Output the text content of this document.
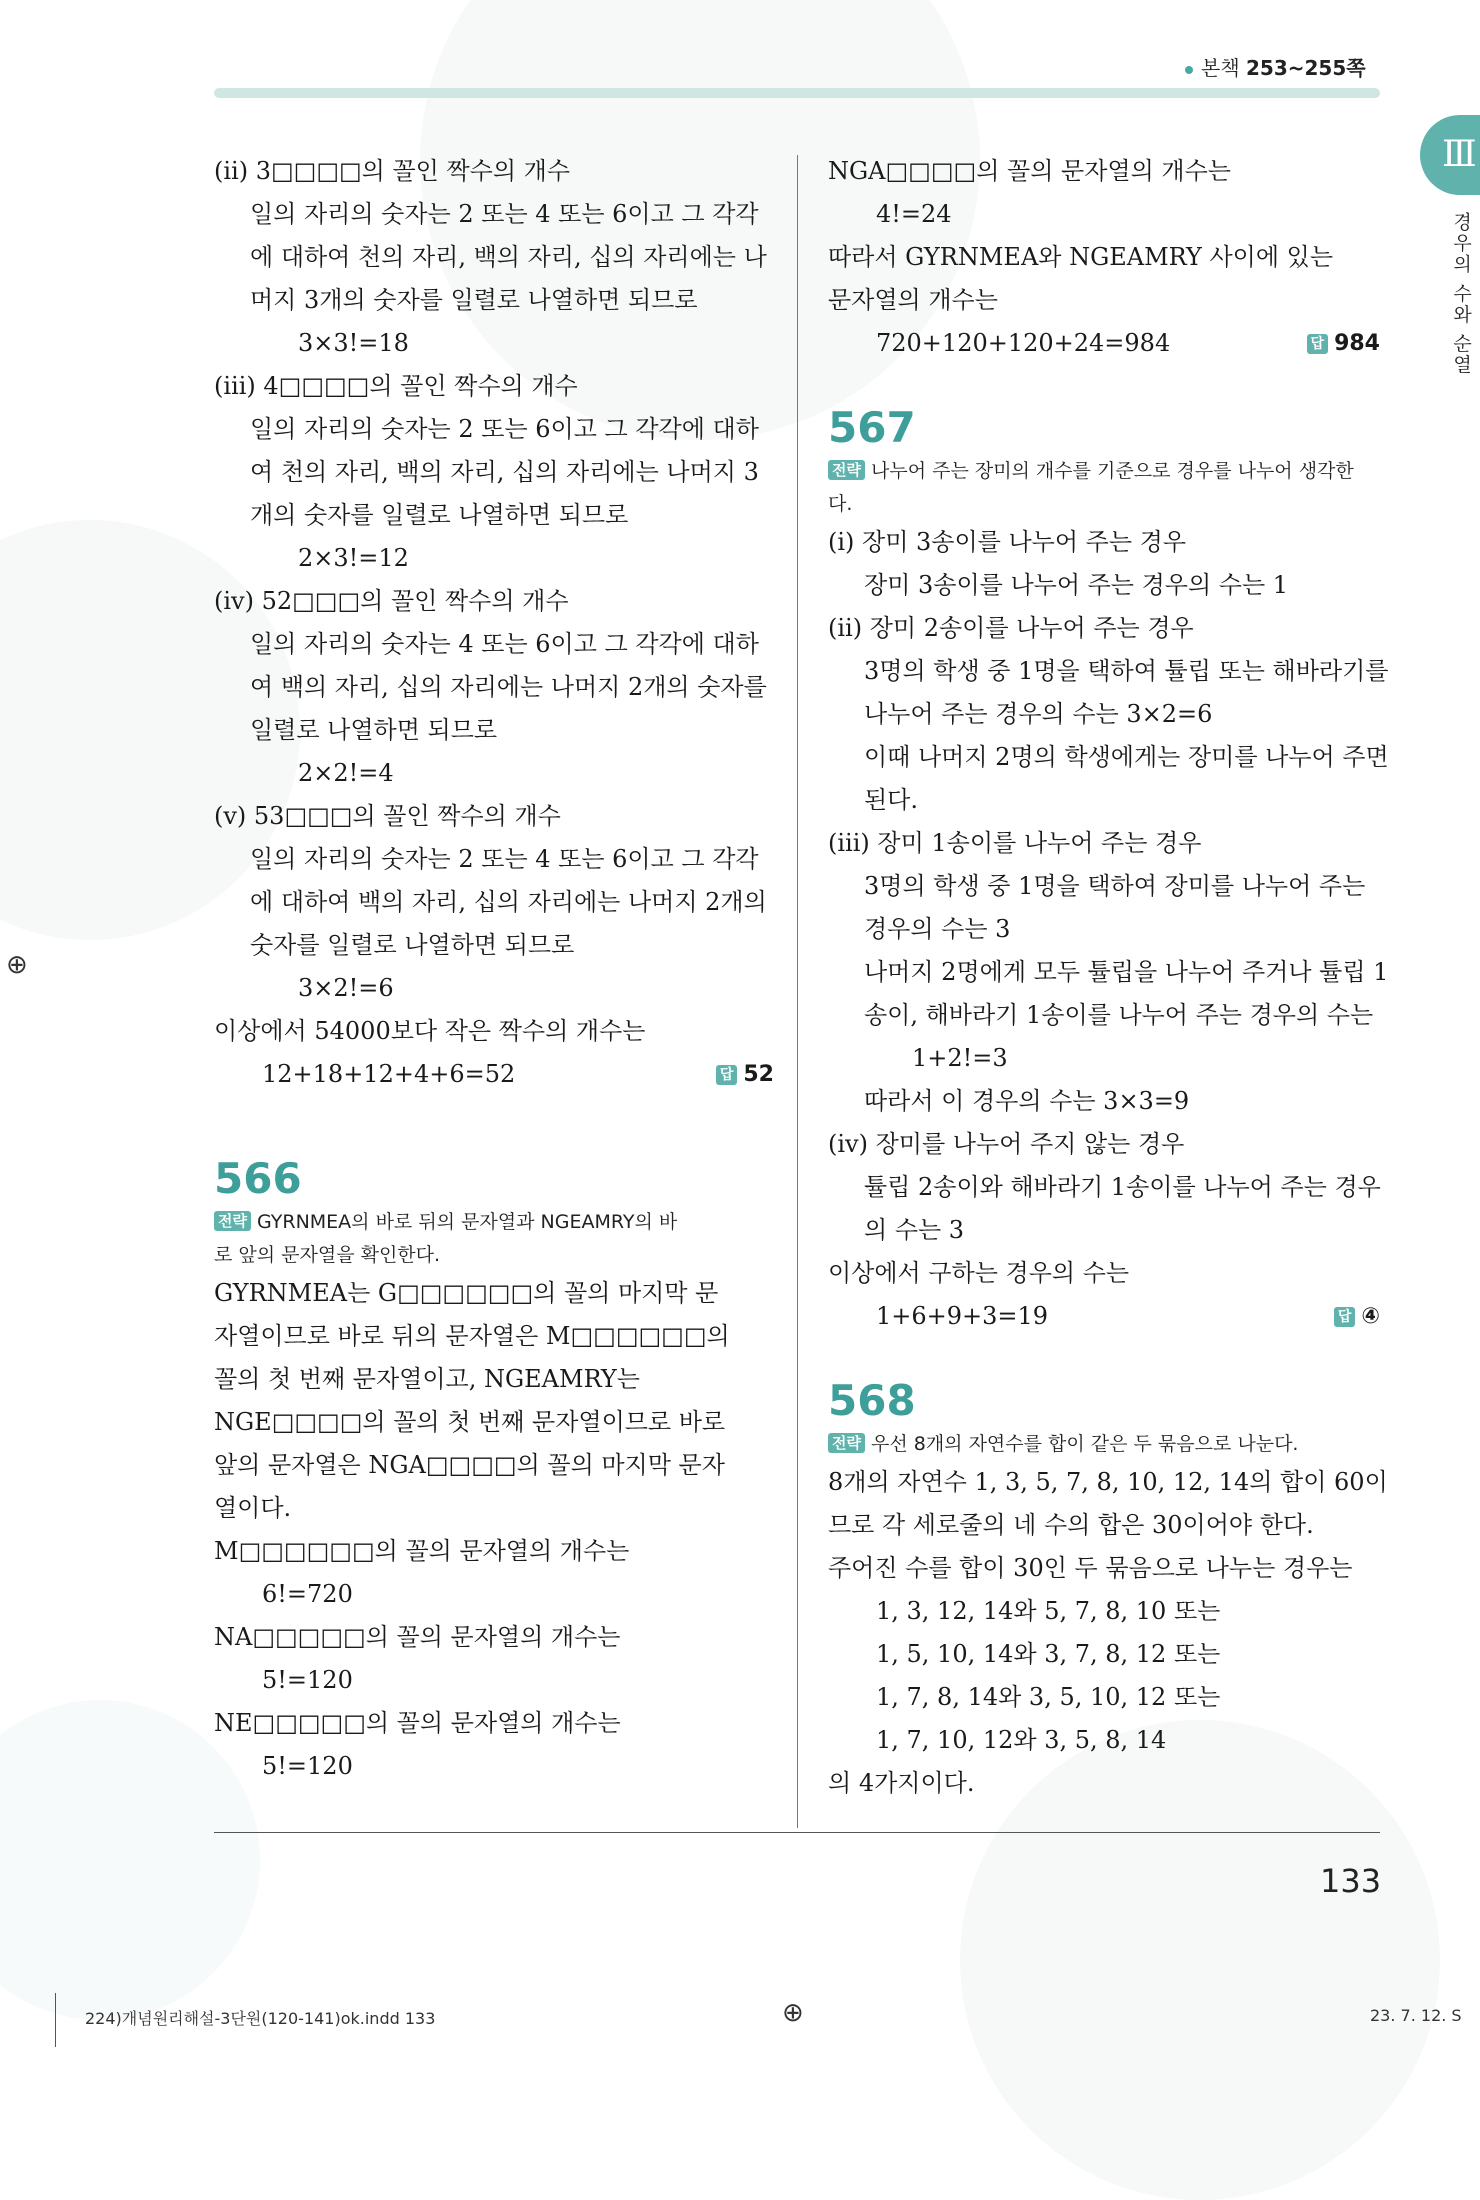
본책 253~255쪽
Ⅲ
경우의 수와 순열
(ⅱ) 3□□□□의 꼴인 짝수의 개수
일의 자리의 숫자는 2 또는 4 또는 6이고 그 각각
에 대하여 천의 자리, 백의 자리, 십의 자리에는 나
머지 3개의 숫자를 일렬로 나열하면 되므로
3×3!=18
(ⅲ) 4□□□□의 꼴인 짝수의 개수
일의 자리의 숫자는 2 또는 6이고 그 각각에 대하
여 천의 자리, 백의 자리, 십의 자리에는 나머지 3
개의 숫자를 일렬로 나열하면 되므로
2×3!=12
(ⅳ) 52□□□의 꼴인 짝수의 개수
일의 자리의 숫자는 4 또는 6이고 그 각각에 대하
여 백의 자리, 십의 자리에는 나머지 2개의 숫자를
일렬로 나열하면 되므로
2×2!=4
(ⅴ) 53□□□의 꼴인 짝수의 개수
일의 자리의 숫자는 2 또는 4 또는 6이고 그 각각
에 대하여 백의 자리, 십의 자리에는 나머지 2개의
숫자를 일렬로 나열하면 되므로
3×2!=6
이상에서 54000보다 작은 짝수의 개수는
12+18+12+4+6=52	답 52
566
전략 GYRNMEA의 바로 뒤의 문자열과 NGEAMRY의 바
로 앞의 문자열을 확인한다.
GYRNMEA는 G□□□□□□의 꼴의 마지막 문
자열이므로 바로 뒤의 문자열은 M□□□□□□의
꼴의 첫 번째 문자열이고, NGEAMRY는
NGE□□□□의 꼴의 첫 번째 문자열이므로 바로
앞의 문자열은 NGA□□□□의 꼴의 마지막 문자
열이다.
M□□□□□□의 꼴의 문자열의 개수는
6!=720
NA□□□□□의 꼴의 문자열의 개수는
5!=120
NE□□□□□의 꼴의 문자열의 개수는
5!=120
NGA□□□□의 꼴의 문자열의 개수는
4!=24
따라서 GYRNMEA와 NGEAMRY 사이에 있는
문자열의 개수는
720+120+120+24=984	답 984
567
전략 나누어 주는 장미의 개수를 기준으로 경우를 나누어 생각한
다.
(ⅰ) 장미 3송이를 나누어 주는 경우
장미 3송이를 나누어 주는 경우의 수는 1
(ⅱ) 장미 2송이를 나누어 주는 경우
3명의 학생 중 1명을 택하여 튤립 또는 해바라기를
나누어 주는 경우의 수는 3×2=6
이때 나머지 2명의 학생에게는 장미를 나누어 주면
된다.
(ⅲ) 장미 1송이를 나누어 주는 경우
3명의 학생 중 1명을 택하여 장미를 나누어 주는
경우의 수는 3
나머지 2명에게 모두 튤립을 나누어 주거나 튤립 1
송이, 해바라기 1송이를 나누어 주는 경우의 수는
1+2!=3
따라서 이 경우의 수는 3×3=9
(ⅳ) 장미를 나누어 주지 않는 경우
튤립 2송이와 해바라기 1송이를 나누어 주는 경우
의 수는 3
이상에서 구하는 경우의 수는
1+6+9+3=19	답 ④
568
전략 우선 8개의 자연수를 합이 같은 두 묶음으로 나눈다.
8개의 자연수 1, 3, 5, 7, 8, 10, 12, 14의 합이 60이
므로 각 세로줄의 네 수의 합은 30이어야 한다.
주어진 수를 합이 30인 두 묶음으로 나누는 경우는
1, 3, 12, 14와 5, 7, 8, 10 또는
1, 5, 10, 14와 3, 7, 8, 12 또는
1, 7, 8, 14와 3, 5, 10, 12 또는
1, 7, 10, 12와 3, 5, 8, 14
의 4가지이다.
133
224)개념원리해설-3단원(120-141)ok.indd 133	23. 7. 12. S
⊕
⊕
